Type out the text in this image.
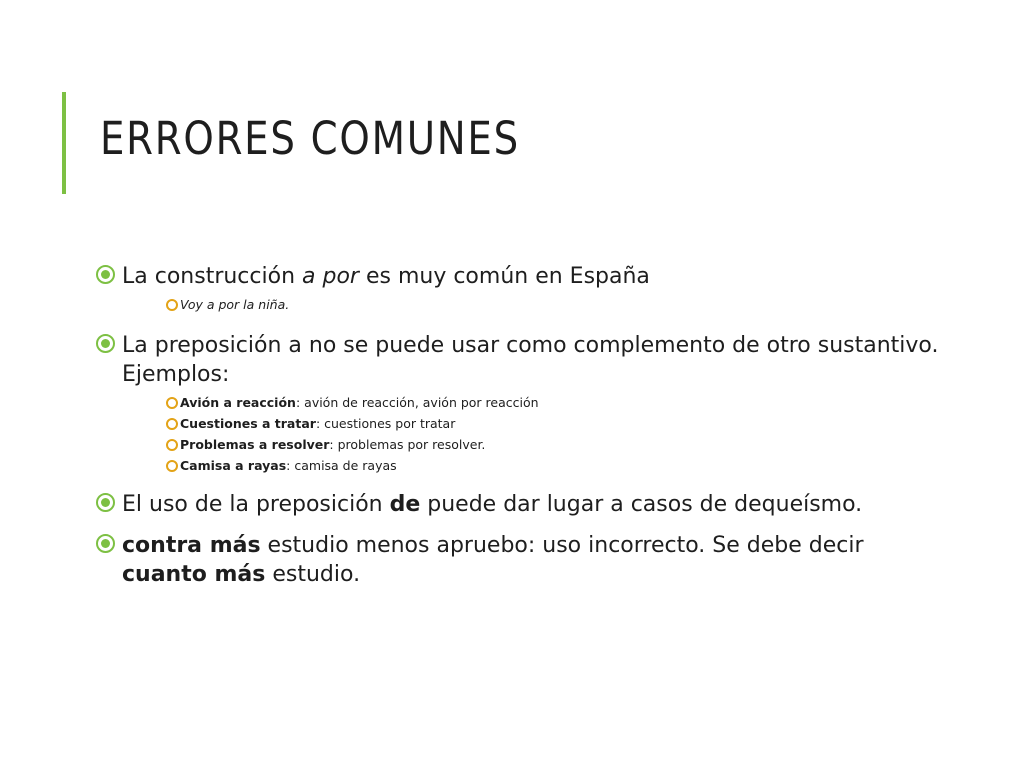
ERRORES COMUNES
La construcción a por es muy común en España
Voy a por la niña.
La preposición a no se puede usar como complemento de otro sustantivo. Ejemplos:
Avión a reacción: avión de reacción, avión por reacción
Cuestiones a tratar: cuestiones por tratar
Problemas a resolver: problemas por resolver.
Camisa a rayas: camisa de rayas
El uso de la preposición de puede dar lugar a casos de dequeísmo.
contra más estudio menos apruebo: uso incorrecto. Se debe decir cuanto más estudio.
